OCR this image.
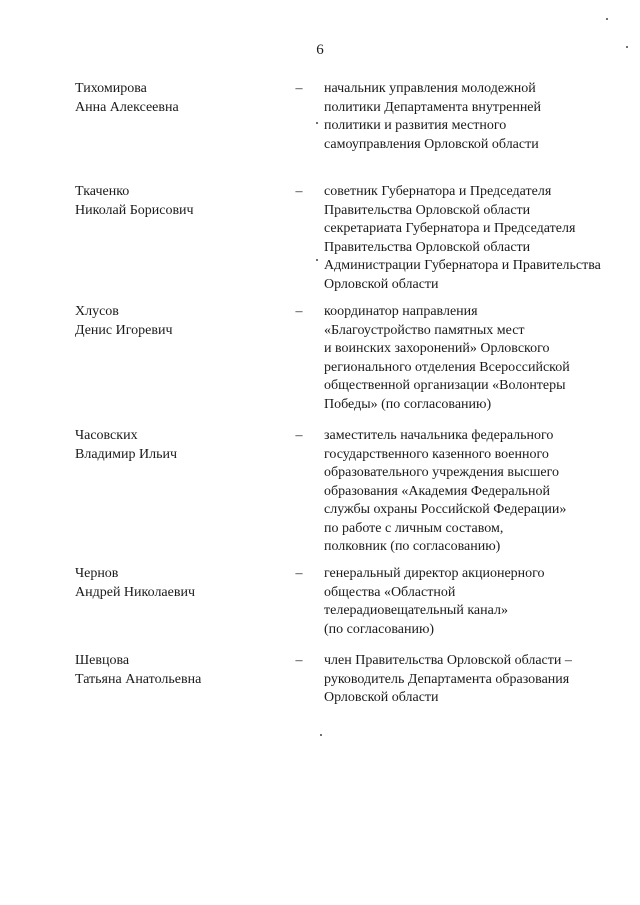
6
Тихомирова
Анна Алексеевна
– начальник управления молодежной
политики Департамента внутренней
политики и развития местного
самоуправления Орловской области
Ткаченко
Николай Борисович
– советник Губернатора и Председателя
Правительства Орловской области
секретариата Губернатора и Председателя
Правительства Орловской области
Администрации Губернатора и Правительства
Орловской области
Хлусов
Денис Игоревич
– координатор направления
«Благоустройство памятных мест
и воинских захоронений» Орловского
регионального отделения Всероссийской
общественной организации «Волонтеры
Победы» (по согласованию)
Часовских
Владимир Ильич
– заместитель начальника федерального
государственного казенного военного
образовательного учреждения высшего
образования «Академия Федеральной
службы охраны Российской Федерации»
по работе с личным составом,
полковник (по согласованию)
Чернов
Андрей Николаевич
– генеральный директор акционерного
общества «Областной
телерадиовещательный канал»
(по согласованию)
Шевцова
Татьяна Анатольевна
– член Правительства Орловской области –
руководитель Департамента образования
Орловской области
